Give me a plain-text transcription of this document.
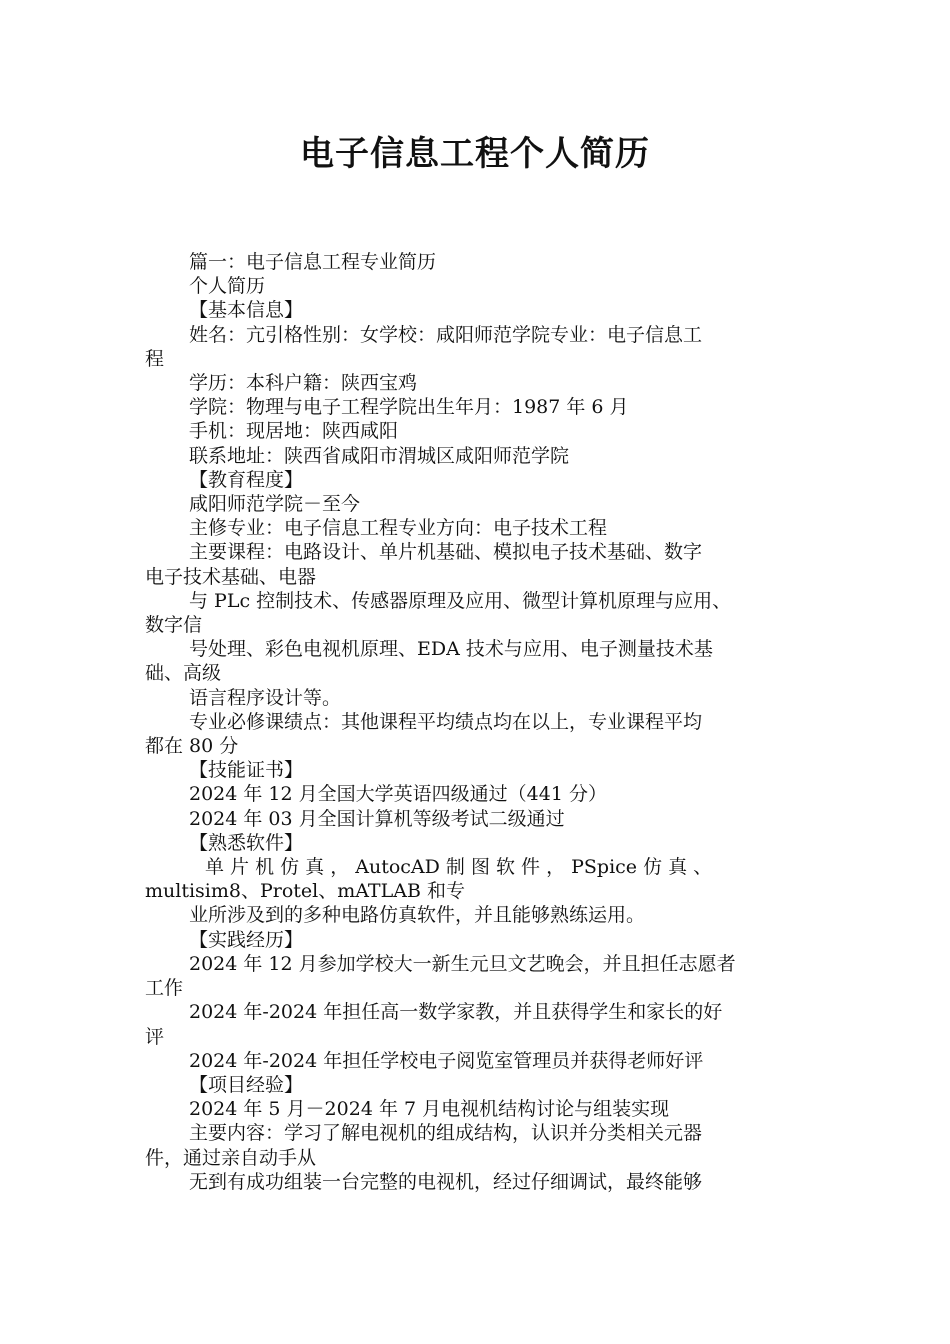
电子信息工程个人简历

篇一：电子信息工程专业简历

个人简历

【基本信息】

姓名：亢引格性别：女学校：咸阳师范学院专业：电子信息工

程

学历：本科户籍：陕西宝鸡

学院：物理与电子工程学院出生年月：1987 年 6 月

手机：现居地：陕西咸阳

联系地址：陕西省咸阳市渭城区咸阳师范学院

【教育程度】

咸阳师范学院－至今

主修专业：电子信息工程专业方向：电子技术工程

主要课程：电路设计、单片机基础、模拟电子技术基础、数字

电子技术基础、电器

与 PLc 控制技术、传感器原理及应用、微型计算机原理与应用、

数字信

号处理、彩色电视机原理、EDA 技术与应用、电子测量技术基

础、高级

语言程序设计等。

专业必修课绩点：其他课程平均绩点均在以上，专业课程平均

都在 80 分

【技能证书】

2024 年 12 月全国大学英语四级通过（441 分）

2024 年 03 月全国计算机等级考试二级通过

【熟悉软件】

单 片 机 仿 真 ， AutocAD 制 图 软 件 ， PSpice 仿 真 、

multisim8、Protel、mATLAB 和专

业所涉及到的多种电路仿真软件，并且能够熟练运用。

【实践经历】

2024 年 12 月参加学校大一新生元旦文艺晚会，并且担任志愿者

工作

2024 年-2024 年担任高一数学家教，并且获得学生和家长的好

评

2024 年-2024 年担任学校电子阅览室管理员并获得老师好评

【项目经验】

2024 年 5 月－2024 年 7 月电视机结构讨论与组装实现

主要内容：学习了解电视机的组成结构，认识并分类相关元器

件，通过亲自动手从

无到有成功组装一台完整的电视机，经过仔细调试，最终能够
